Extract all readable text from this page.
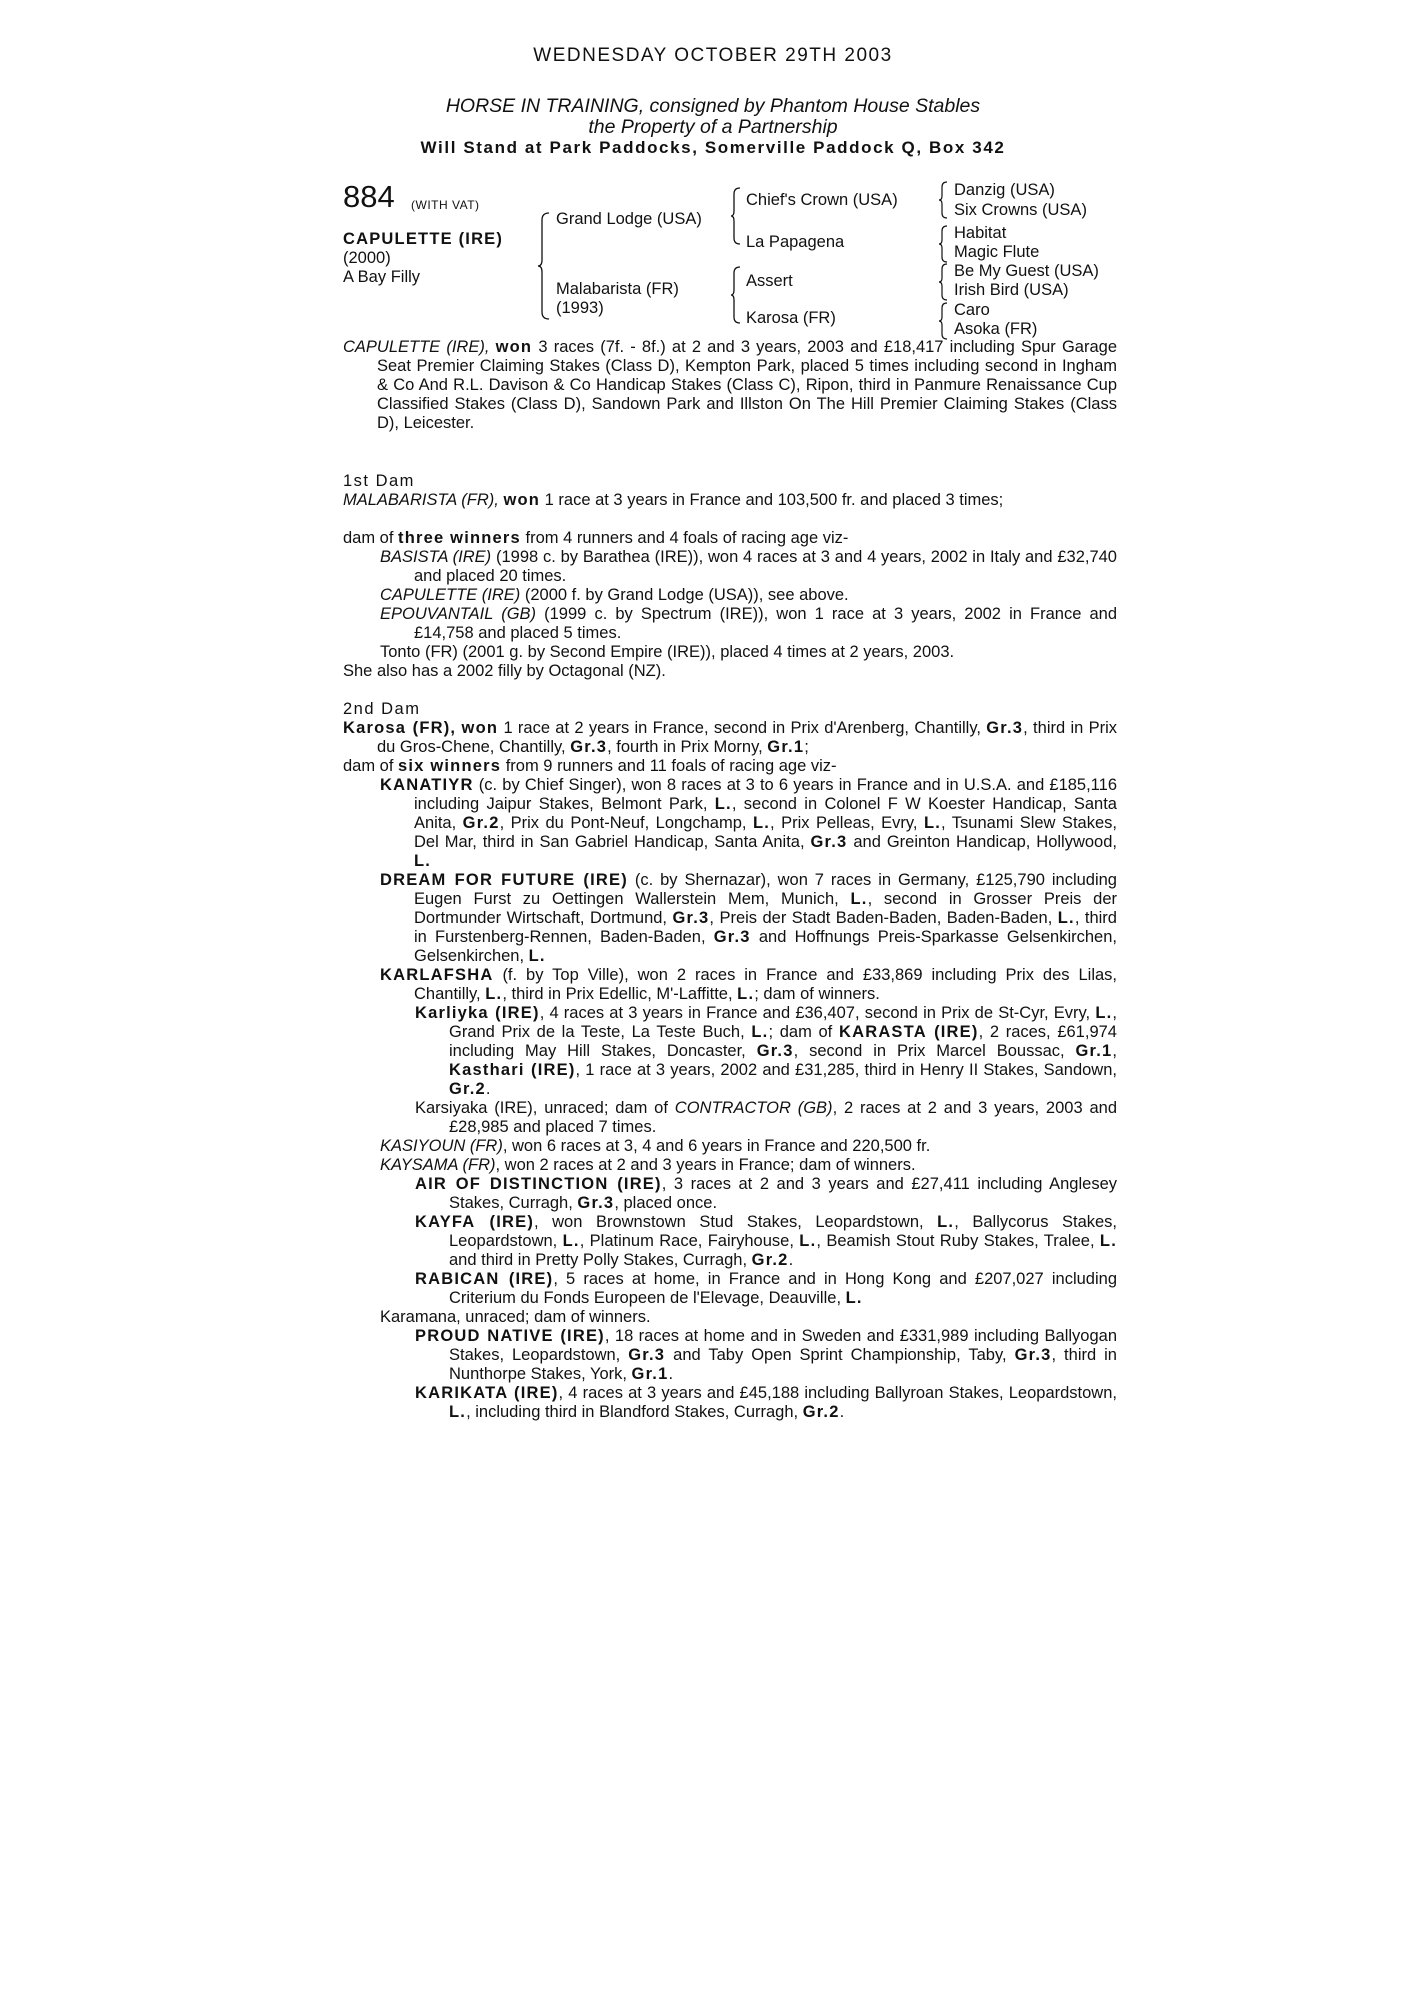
WEDNESDAY OCTOBER 29TH 2003
HORSE IN TRAINING, consigned by Phantom House Stables
the Property of a Partnership
Will Stand at Park Paddocks, Somerville Paddock Q, Box 342
884 (WITH VAT)
CAPULETTE (IRE)
(2000)
A Bay Filly
Grand Lodge (USA)
Malabarista (FR)
(1993)
Chief's Crown (USA)
La Papagena
Assert
Karosa (FR)
Danzig (USA)
Six Crowns (USA)
Habitat
Magic Flute
Be My Guest (USA)
Irish Bird (USA)
Caro
Asoka (FR)
CAPULETTE (IRE), won 3 races (7f. - 8f.) at 2 and 3 years, 2003 and £18,417 including Spur Garage Seat Premier Claiming Stakes (Class D), Kempton Park, placed 5 times including second in Ingham & Co And R.L. Davison & Co Handicap Stakes (Class C), Ripon, third in Panmure Renaissance Cup Classified Stakes (Class D), Sandown Park and Illston On The Hill Premier Claiming Stakes (Class D), Leicester.
1st Dam
MALABARISTA (FR), won 1 race at 3 years in France and 103,500 fr. and placed 3 times;
dam of three winners from 4 runners and 4 foals of racing age viz-
BASISTA (IRE) (1998 c. by Barathea (IRE)), won 4 races at 3 and 4 years, 2002 in Italy and £32,740 and placed 20 times.
CAPULETTE (IRE) (2000 f. by Grand Lodge (USA)), see above.
EPOUVANTAIL (GB) (1999 c. by Spectrum (IRE)), won 1 race at 3 years, 2002 in France and £14,758 and placed 5 times.
Tonto (FR) (2001 g. by Second Empire (IRE)), placed 4 times at 2 years, 2003.
She also has a 2002 filly by Octagonal (NZ).
2nd Dam
Karosa (FR), won 1 race at 2 years in France, second in Prix d'Arenberg, Chantilly, Gr.3, third in Prix du Gros-Chene, Chantilly, Gr.3, fourth in Prix Morny, Gr.1;
dam of six winners from 9 runners and 11 foals of racing age viz-
KANATIYR (c. by Chief Singer), won 8 races at 3 to 6 years in France and in U.S.A. and £185,116 including Jaipur Stakes, Belmont Park, L., second in Colonel F W Koester Handicap, Santa Anita, Gr.2, Prix du Pont-Neuf, Longchamp, L., Prix Pelleas, Evry, L., Tsunami Slew Stakes, Del Mar, third in San Gabriel Handicap, Santa Anita, Gr.3 and Greinton Handicap, Hollywood, L.
DREAM FOR FUTURE (IRE) (c. by Shernazar), won 7 races in Germany, £125,790 including Eugen Furst zu Oettingen Wallerstein Mem, Munich, L., second in Grosser Preis der Dortmunder Wirtschaft, Dortmund, Gr.3, Preis der Stadt Baden-Baden, Baden-Baden, L., third in Furstenberg-Rennen, Baden-Baden, Gr.3 and Hoffnungs Preis-Sparkasse Gelsenkirchen, Gelsenkirchen, L.
KARLAFSHA (f. by Top Ville), won 2 races in France and £33,869 including Prix des Lilas, Chantilly, L., third in Prix Edellic, M'-Laffitte, L.; dam of winners.
Karliyka (IRE), 4 races at 3 years in France and £36,407, second in Prix de St-Cyr, Evry, L., Grand Prix de la Teste, La Teste Buch, L.; dam of KARASTA (IRE), 2 races, £61,974 including May Hill Stakes, Doncaster, Gr.3, second in Prix Marcel Boussac, Gr.1, Kasthari (IRE), 1 race at 3 years, 2002 and £31,285, third in Henry II Stakes, Sandown, Gr.2.
Karsiyaka (IRE), unraced; dam of CONTRACTOR (GB), 2 races at 2 and 3 years, 2003 and £28,985 and placed 7 times.
KASIYOUN (FR), won 6 races at 3, 4 and 6 years in France and 220,500 fr.
KAYSAMA (FR), won 2 races at 2 and 3 years in France; dam of winners.
AIR OF DISTINCTION (IRE), 3 races at 2 and 3 years and £27,411 including Anglesey Stakes, Curragh, Gr.3, placed once.
KAYFA (IRE), won Brownstown Stud Stakes, Leopardstown, L., Ballycorus Stakes, Leopardstown, L., Platinum Race, Fairyhouse, L., Beamish Stout Ruby Stakes, Tralee, L. and third in Pretty Polly Stakes, Curragh, Gr.2.
RABICAN (IRE), 5 races at home, in France and in Hong Kong and £207,027 including Criterium du Fonds Europeen de l'Elevage, Deauville, L.
Karamana, unraced; dam of winners.
PROUD NATIVE (IRE), 18 races at home and in Sweden and £331,989 including Ballyogan Stakes, Leopardstown, Gr.3 and Taby Open Sprint Championship, Taby, Gr.3, third in Nunthorpe Stakes, York, Gr.1.
KARIKATA (IRE), 4 races at 3 years and £45,188 including Ballyroan Stakes, Leopardstown, L., including third in Blandford Stakes, Curragh, Gr.2.
